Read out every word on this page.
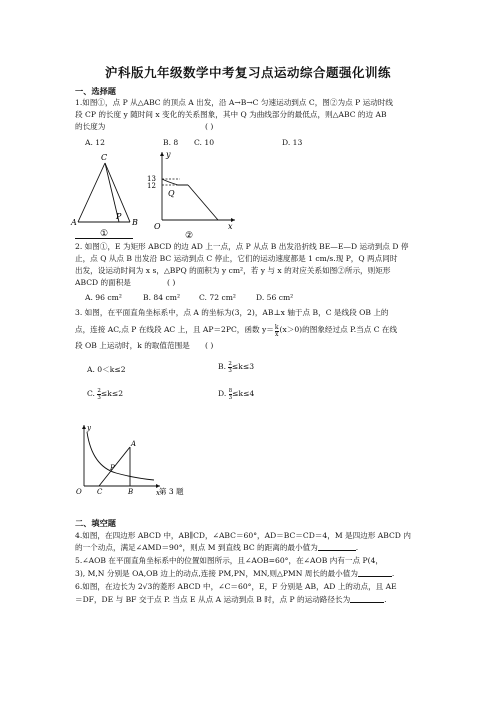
沪科版九年级数学中考复习点运动综合题强化训练
一、选择题
1.如图①，点 P 从△ABC 的顶点 A 出发，沿 A→B→C 匀速运动到点 C，图②为点 P 运动时线
段 CP 的长度 y 随时间 x 变化的关系图象，其中 Q 为曲线部分的最低点，则△ABC 的边 AB
的长度为	( )
A. 12	B. 8 C. 10	D. 13
C
A
P
B
①
y
x
O
Q
13
12
②
2. 如图①，E 为矩形 ABCD 的边 AD 上一点，点 P 从点 B 出发沿折线 BE—E—D 运动到点 D 停
止，点 Q 从点 B 出发沿 BC 运动到点 C 停止，它们的运动速度都是 1 cm/s.现 P，Q 两点同时
出发，设运动时间为 x s，△BPQ 的面积为 y cm²，若 y 与 x 的对应关系如图②所示，则矩形
ABCD 的面积是	( )
A. 96 cm²	B. 84 cm²	C. 72 cm²	D. 56 cm²
3. 如图，在平面直角坐标系中，点 A 的坐标为(3，2)，AB⊥x 轴于点 B，C 是线段 OB 上的
点，连接 AC,点 P 在线段 AC 上，且 AP＝2PC，函数 $y= \frac{k}{x} (x>0)$的图象经过点 P.当点 C 在线
段 OB 上运动时，k 的取值范围是 ( )
A. 0＜k≤2	B. $\frac{2}{3} \le k\le 3$
C. $\frac{2}{3} \le k\le 2$	D. $\frac{8}{3} \le k\le 4$
y
x
O C	B
A
P
第 3 题
二、填空题
4.如图，在四边形 ABCD 中，AB∥CD，∠ABC＝60°，AD＝BC＝CD＝4，M 是四边形 ABCD 内
的一个动点，满足∠AMD＝90°，则点 M 到直线 BC 的距离的最小值为	.
5.∠AOB 在平面直角坐标系中的位置如图所示，且∠AOB=60°，在∠AOB 内有一点 P(4，
3), M,N 分别是 OA,OB 边上的动点,连接 PM,PN，MN,则△PMN 周长的最小值为	.
6.如图，在边长为 2√3的菱形 ABCD 中，∠C＝60°，E，F 分别是 AB，AD 上的动点，且 AE
＝DF，DE 与 BF 交于点 P. 当点 E 从点 A 运动到点 B 时，点 P 的运动路径长为	.
